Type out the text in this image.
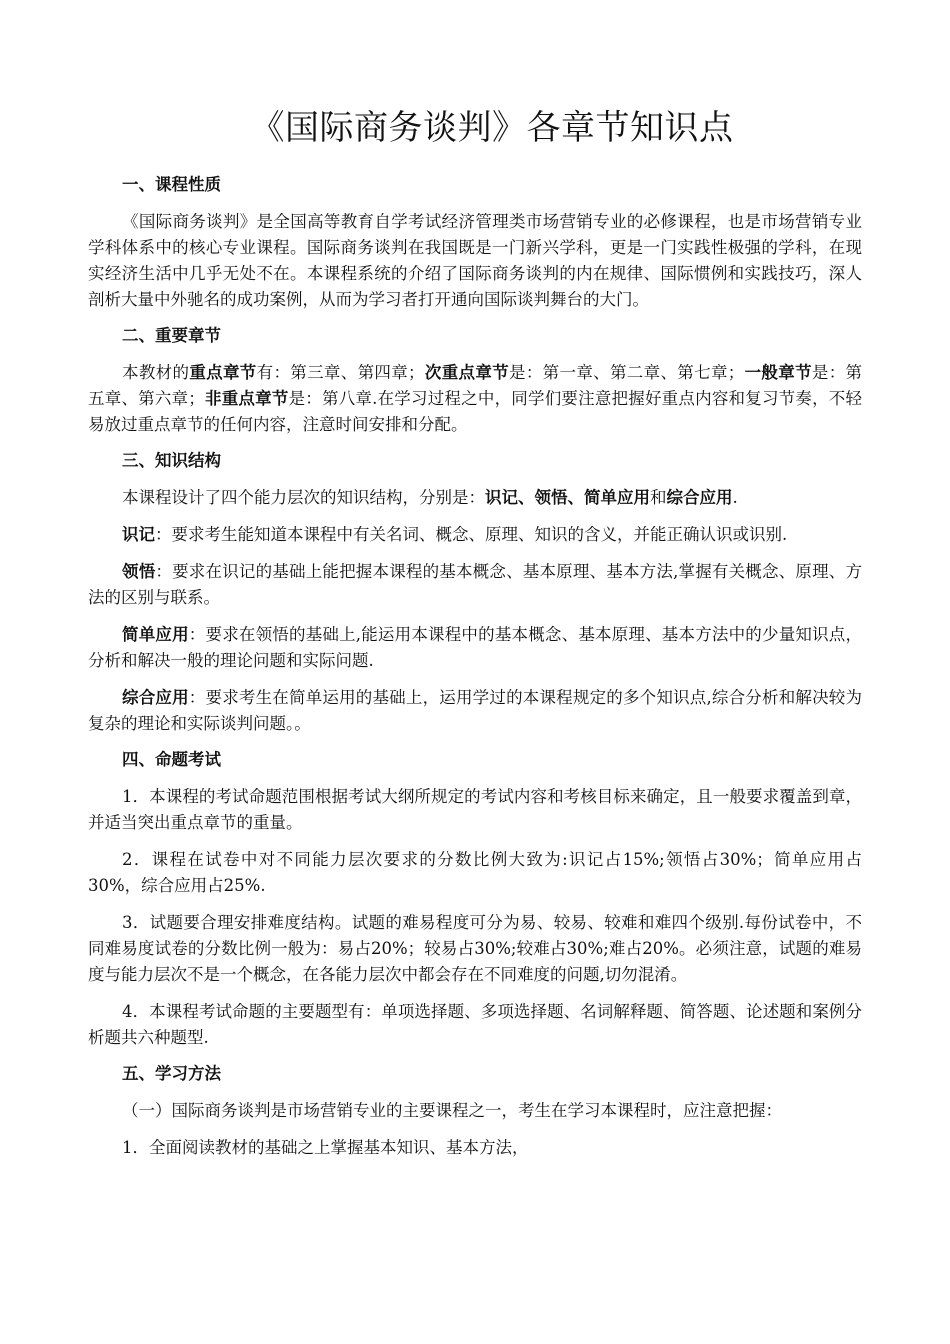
《国际商务谈判》各章节知识点
一、课程性质

《国际商务谈判》是全国高等教育自学考试经济管理类市场营销专业的必修课程，也是市场营销专业学科体系中的核心专业课程。国际商务谈判在我国既是一门新兴学科，更是一门实践性极强的学科，在现实经济生活中几乎无处不在。本课程系统的介绍了国际商务谈判的内在规律、国际惯例和实践技巧，深人剖析大量中外驰名的成功案例，从而为学习者打开通向国际谈判舞台的大门。

二、重要章节

本教材的重点章节有：第三章、第四章；次重点章节是：第一章、第二章、第七章；一般章节是：第五章、第六章；非重点章节是：第八章.在学习过程之中，同学们要注意把握好重点内容和复习节奏，不轻易放过重点章节的任何内容，注意时间安排和分配。

三、知识结构

本课程设计了四个能力层次的知识结构，分别是：识记、领悟、简单应用和综合应用.

识记：要求考生能知道本课程中有关名词、概念、原理、知识的含义，并能正确认识或识别.

领悟：要求在识记的基础上能把握本课程的基本概念、基本原理、基本方法,掌握有关概念、原理、方法的区别与联系。

简单应用：要求在领悟的基础上,能运用本课程中的基本概念、基本原理、基本方法中的少量知识点，分析和解决一般的理论问题和实际问题.

综合应用：要求考生在简单运用的基础上，运用学过的本课程规定的多个知识点,综合分析和解决较为复杂的理论和实际谈判问题。。

四、命题考试

1．本课程的考试命题范围根据考试大纲所规定的考试内容和考核目标来确定，且一般要求覆盖到章，并适当突出重点章节的重量。

2．课程在试卷中对不同能力层次要求的分数比例大致为:识记占15%;领悟占30%；简单应用占30%，综合应用占25%.

3．试题要合理安排难度结构。试题的难易程度可分为易、较易、较难和难四个级别.每份试卷中，不同难易度试卷的分数比例一般为：易占20%；较易占30%;较难占30%;难占20%。必须注意，试题的难易度与能力层次不是一个概念，在各能力层次中都会存在不同难度的问题,切勿混淆。

4．本课程考试命题的主要题型有：单项选择题、多项选择题、名词解释题、简答题、论述题和案例分析题共六种题型.

五、学习方法

（一）国际商务谈判是市场营销专业的主要课程之一，考生在学习本课程时，应注意把握：

1．全面阅读教材的基础之上掌握基本知识、基本方法，
